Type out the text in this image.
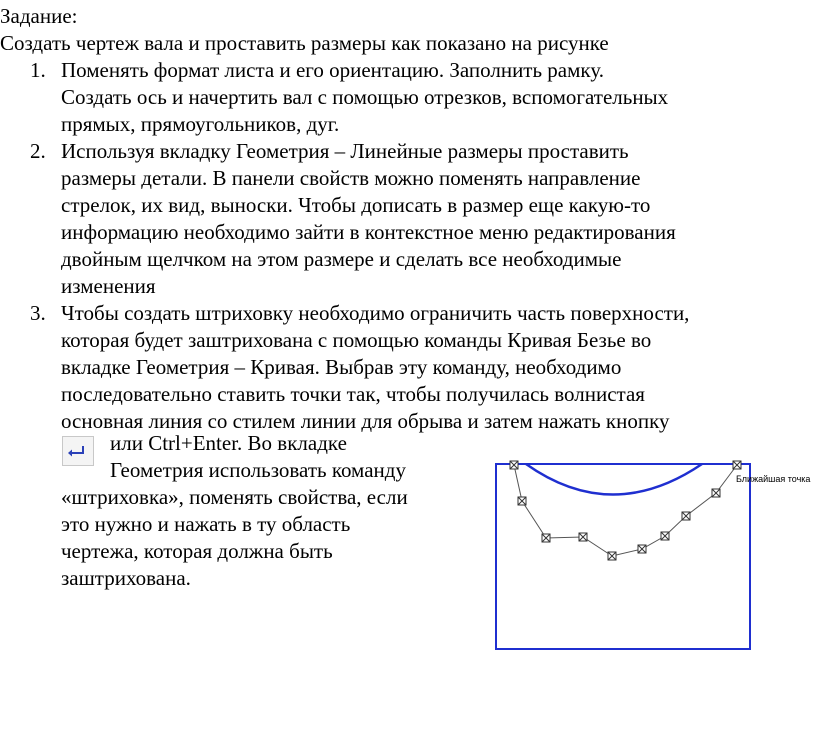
Задание:
Создать чертеж вала и проставить размеры как показано на рисунке
1. Поменять формат листа и его ориентацию. Заполнить рамку.
Создать ось и начертить вал с помощью отрезков, вспомогательных
прямых, прямоугольников, дуг.
2. Используя вкладку Геометрия – Линейные размеры проставить
размеры детали. В панели свойств можно поменять направление
стрелок, их вид, выноски. Чтобы дописать в размер еще какую-то
информацию необходимо зайти в контекстное меню редактирования
двойным щелчком на этом размере и сделать все необходимые
изменения
3. Чтобы создать штриховку необходимо ограничить часть поверхности,
которая будет заштрихована с помощью команды Кривая Безье во
вкладке Геометрия – Кривая. Выбрав эту команду, необходимо
последовательно ставить точки так, чтобы получилась волнистая
основная линия со стилем линии для обрыва и затем нажать кнопку
или Ctrl+Enter. Во вкладке
Геометрия использовать команду
«штриховка», поменять свойства, если
это нужно и нажать в ту область
чертежа, которая должна быть
заштрихована.
Ближайшая точка
